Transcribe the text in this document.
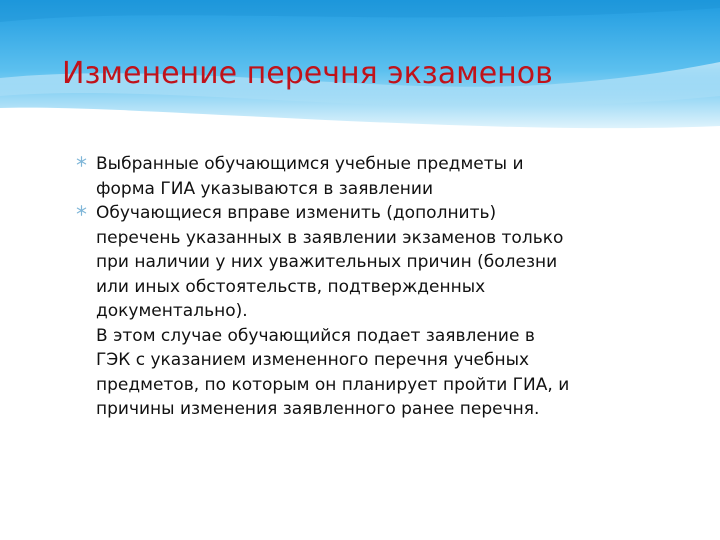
Изменение перечня экзаменов
Выбранные обучающимся учебные предметы и
форма ГИА указываются в заявлении
Обучающиеся вправе изменить (дополнить)
перечень указанных в заявлении экзаменов только
при наличии у них уважительных причин (болезни
или иных обстоятельств, подтвержденных
документально).
В этом случае обучающийся подает заявление в
ГЭК с указанием измененного перечня учебных
предметов, по которым он планирует пройти ГИА, и
причины изменения заявленного ранее перечня.
